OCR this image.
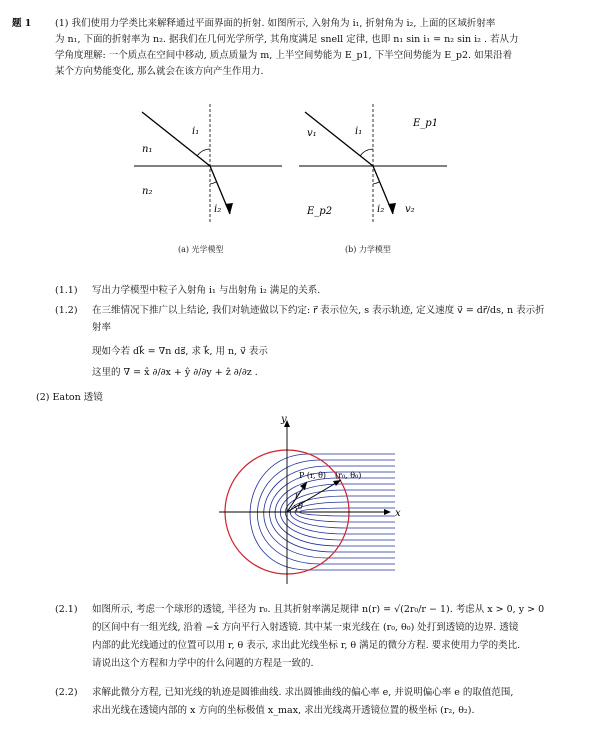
题 1 (1) 我们使用力学类比来解释通过平面界面的折射. 如图所示, 入射角为 i₁, 折射角为 i₂, 上面的区域折射率
为 n₁, 下面的折射率为 n₂. 据我们在几何光学所学, 其角度满足 snell 定律, 也即 n₁ sin i₁ = n₂ sin i₂ . 若从力
学角度理解: 一个质点在空间中移动, 质点质量为 m, 上半空间势能为 E_p1, 下半空间势能为 E_p2. 如果沿着
某个方向势能变化, 那么就会在该方向产生作用力.
i₁
i₂
n₁
n₂
i₁
i₂
v₁
v₂
E_p1
E_p2
(a) 光学模型	(b) 力学模型
(1.1) 写出力学模型中粒子入射角 i₁ 与出射角 i₂ 满足的关系.
(1.2) 在三维情况下推广以上结论, 我们对轨迹做以下约定: r⃗ 表示位矢, s 表示轨迹, 定义速度 v⃗ = dr⃗/ds, n 表示折
射率
现如今若 dk⃗ = ∇n ds⃗, 求 k⃗, 用 n, v⃗ 表示
这里的 ∇ = x̂ ∂/∂x + ŷ ∂/∂y + ẑ ∂/∂z .
(2) Eaton 透镜
x
y
P (r, θ) (r₀, θ₀)
r
θ
(2.1) 如图所示, 考虑一个球形的透镜, 半径为 r₀. 且其折射率满足规律 n(r) = √(2r₀/r − 1). 考虑从 x > 0, y > 0
的区间中有一组光线, 沿着 −x̂ 方向平行入射透镜. 其中某一束光线在 (r₀, θ₀) 处打到透镜的边界. 透镜
内部的此光线通过的位置可以用 r, θ 表示, 求出此光线坐标 r, θ 满足的微分方程. 要求使用力学的类比.
请说出这个方程和力学中的什么问题的方程是一致的.
(2.2) 求解此微分方程, 已知光线的轨迹是圆锥曲线. 求出圆锥曲线的偏心率 e, 并说明偏心率 e 的取值范围,
求出光线在透镜内部的 x 方向的坐标极值 x_max, 求出光线离开透镜位置的极坐标 (r₂, θ₂).
